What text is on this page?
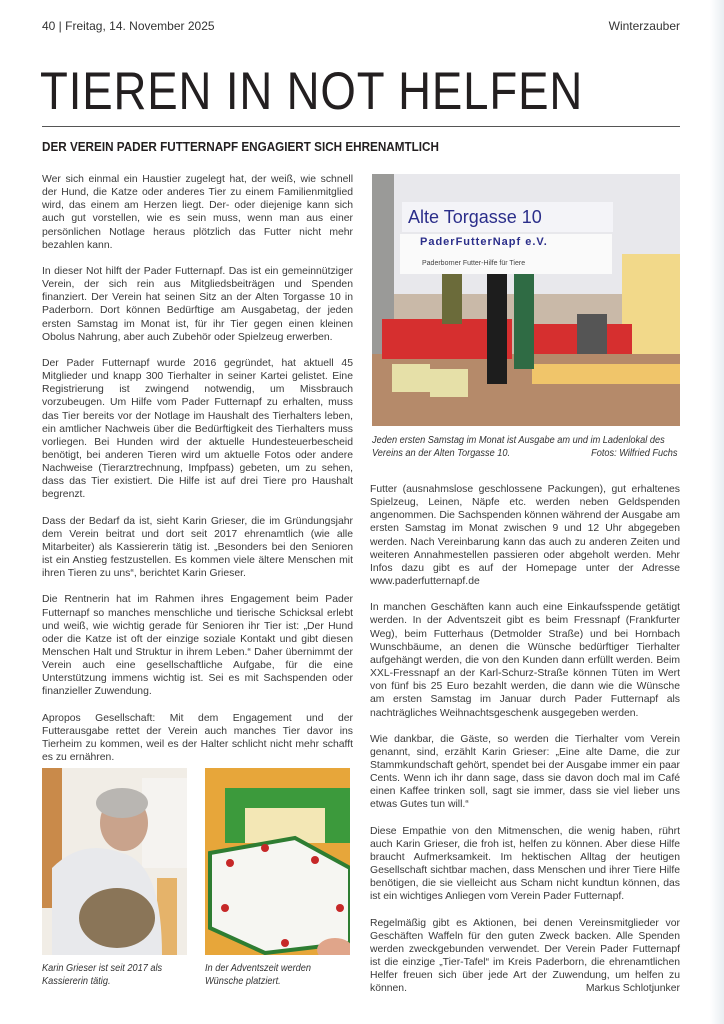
40 | Freitag, 14. November 2025	Winterzauber
TIEREN IN NOT HELFEN
DER VEREIN PADER FUTTERNAPF ENGAGIERT SICH EHRENAMTLICH

Wer sich einmal ein Haustier zugelegt hat, der weiß, wie schnell der Hund, die Katze oder anderes Tier zu einem Familienmitglied wird, das einem am Herzen liegt. Der- oder diejenige kann sich auch gut vorstellen, wie es sein muss, wenn man aus einer persönlichen Notlage heraus plötzlich das Futter nicht mehr bezahlen kann.

In dieser Not hilft der Pader Futternapf. Das ist ein gemeinnütziger Verein, der sich rein aus Mitgliedsbeiträgen und Spenden finanziert. Der Verein hat seinen Sitz an der Alten Torgasse 10 in Paderborn. Dort können Bedürftige am Ausgabetag, der jeden ersten Samstag im Monat ist, für ihr Tier gegen einen kleinen Obolus Nahrung, aber auch Zubehör oder Spielzeug erwerben.

Der Pader Futternapf wurde 2016 gegründet, hat aktuell 45 Mitglieder und knapp 300 Tierhalter in seiner Kartei gelistet. Eine Registrierung ist zwingend notwendig, um Missbrauch vorzubeugen. Um Hilfe vom Pader Futternapf zu erhalten, muss das Tier bereits vor der Notlage im Haushalt des Tierhalters leben, ein amtlicher Nachweis über die Bedürftigkeit des Tierhalters muss vorliegen. Bei Hunden wird der aktuelle Hundesteuerbescheid benötigt, bei anderen Tieren wird um aktuelle Fotos oder andere Nachweise (Tierarztrechnung, Impfpass) gebeten, um zu sehen, dass das Tier existiert. Die Hilfe ist auf drei Tiere pro Haushalt begrenzt.

Dass der Bedarf da ist, sieht Karin Grieser, die im Gründungsjahr dem Verein beitrat und dort seit 2017 ehrenamtlich (wie alle Mitarbeiter) als Kassiererin tätig ist. „Besonders bei den Senioren ist ein Anstieg festzustellen. Es kommen viele ältere Menschen mit ihren Tieren zu uns“, berichtet Karin Grieser.

Die Rentnerin hat im Rahmen ihres Engagement beim Pader Futternapf so manches menschliche und tierische Schicksal erlebt und weiß, wie wichtig gerade für Senioren ihr Tier ist: „Der Hund oder die Katze ist oft der einzige soziale Kontakt und gibt diesen Menschen Halt und Struktur in ihrem Leben.“ Daher übernimmt der Verein auch eine gesellschaftliche Aufgabe, für die eine Unterstützung immens wichtig ist. Sei es mit Sachspenden oder finanzieller Zuwendung.

Apropos Gesellschaft: Mit dem Engagement und der Futterausgabe rettet der Verein auch manches Tier davor ins Tierheim zu kommen, weil es der Halter schlicht nicht mehr schafft es zu ernähren.

Alte Torgasse 10
PaderFutterNapf e.V.
Paderborner Futter-Hilfe für Tiere
Jeden ersten Samstag im Monat ist Ausgabe am und im Ladenlokal des Vereins an der Alten Torgasse 10.	Fotos: Wilfried Fuchs

Futter (ausnahmslose geschlossene Packungen), gut erhaltenes Spielzeug, Leinen, Näpfe etc. werden neben Geldspenden angenommen. Die Sachspenden können während der Ausgabe am ersten Samstag im Monat zwischen 9 und 12 Uhr abgegeben werden. Nach Vereinbarung kann das auch zu anderen Zeiten und weiteren Annahmestellen passieren oder abgeholt werden. Mehr Infos dazu gibt es auf der Homepage unter der Adresse www.paderfutternapf.de

In manchen Geschäften kann auch eine Einkaufsspende getätigt werden. In der Adventszeit gibt es beim Fressnapf (Frankfurter Weg), beim Futterhaus (Detmolder Straße) und bei Hornbach Wunschbäume, an denen die Wünsche bedürftiger Tierhalter aufgehängt werden, die von den Kunden dann erfüllt werden. Beim XXL-Fressnapf an der Karl-Schurz-Straße können Tüten im Wert von fünf bis 25 Euro bezahlt werden, die dann wie die Wünsche am ersten Samstag im Januar durch Pader Futternapf als nachträgliches Weihnachtsgeschenk ausgegeben werden.

Wie dankbar, die Gäste, so werden die Tierhalter vom Verein genannt, sind, erzählt Karin Grieser: „Eine alte Dame, die zur Stammkundschaft gehört, spendet bei der Ausgabe immer ein paar Cents. Wenn ich ihr dann sage, dass sie davon doch mal im Café einen Kaffee trinken soll, sagt sie immer, dass sie viel lieber uns etwas Gutes tun will.“

Diese Empathie von den Mitmenschen, die wenig haben, rührt auch Karin Grieser, die froh ist, helfen zu können. Aber diese Hilfe braucht Aufmerksamkeit. Im hektischen Alltag der heutigen Gesellschaft sichtbar machen, dass Menschen und ihrer Tiere Hilfe benötigen, die sie vielleicht aus Scham nicht kundtun können, das ist ein wichtiges Anliegen vom Verein Pader Futternapf.

Regelmäßig gibt es Aktionen, bei denen Vereinsmitglieder vor Geschäften Waffeln für den guten Zweck backen. Alle Spenden werden zweckgebunden verwendet. Der Verein Pader Futternapf ist die einzige „Tier-Tafel“ im Kreis Paderborn, die ehrenamtlichen Helfer freuen sich über jede Art der Zuwendung, um helfen zu können.	Markus Schlotjunker

Karin Grieser ist seit 2017 als Kassiererin tätig.
In der Adventszeit werden Wünsche platziert.
